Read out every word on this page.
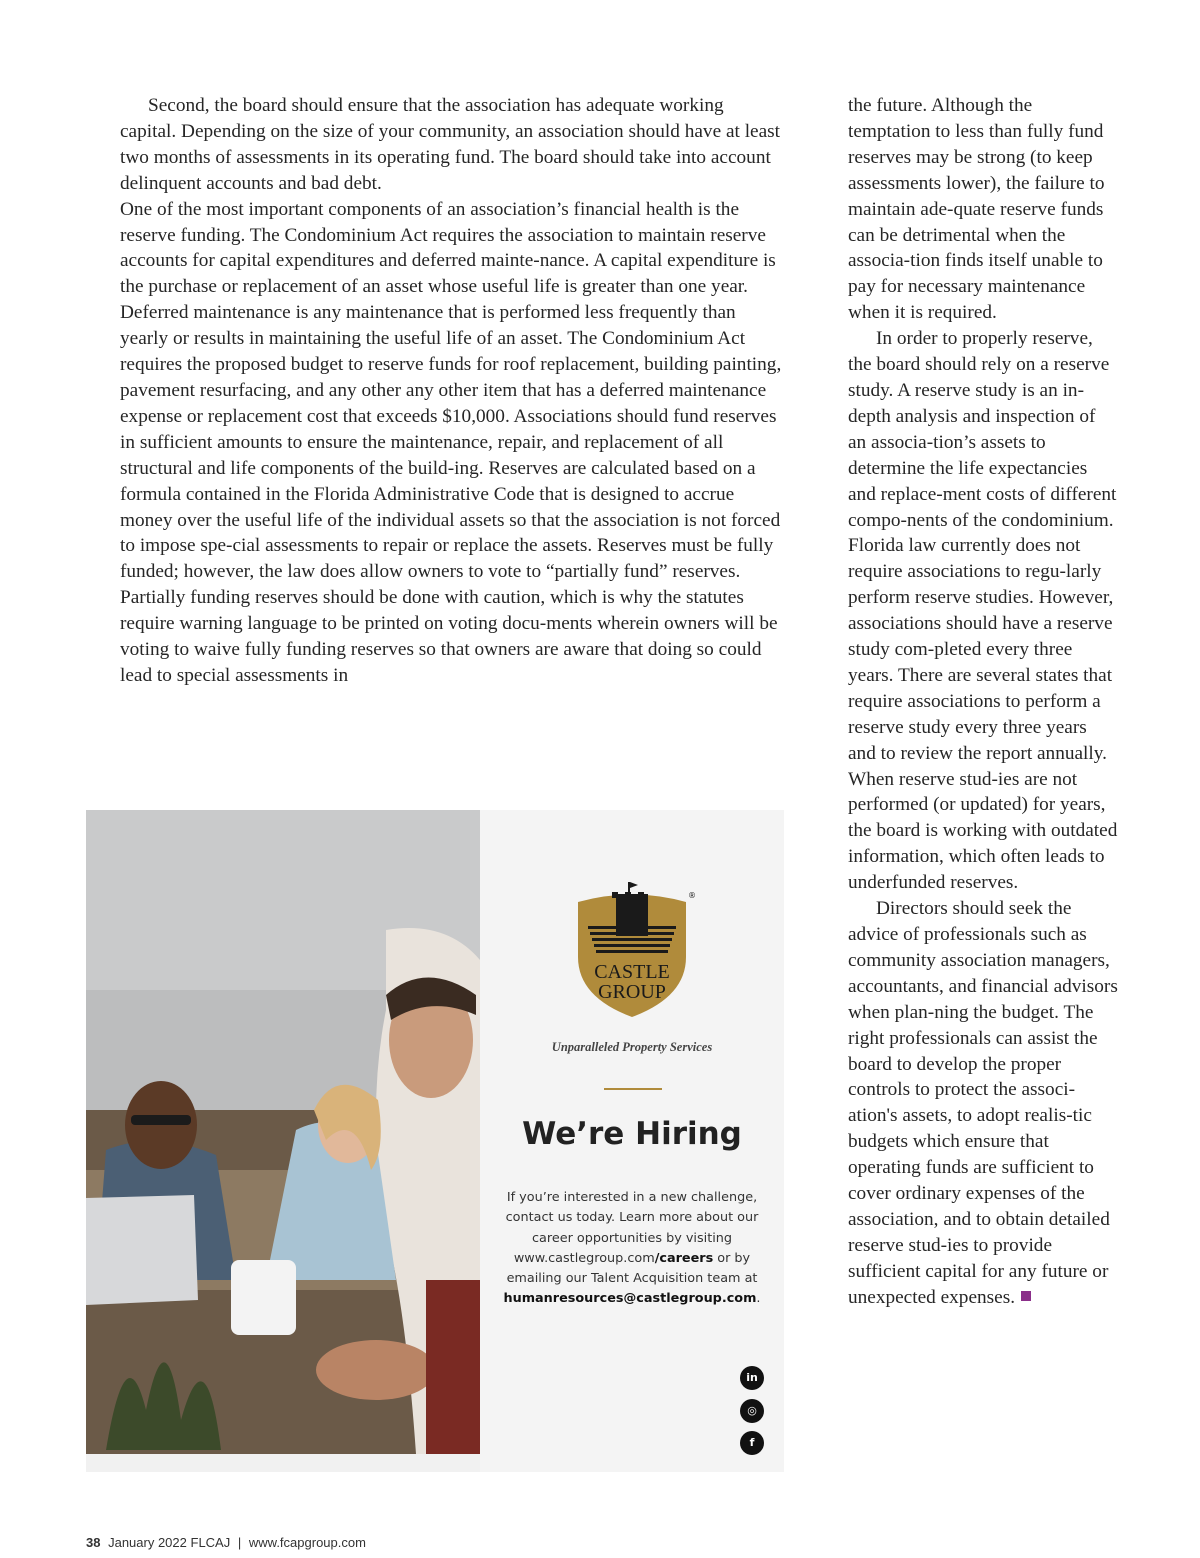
Second, the board should ensure that the association has adequate working capital. Depending on the size of your community, an association should have at least two months of assessments in its operating fund. The board should take into account delinquent accounts and bad debt.

One of the most important components of an association’s financial health is the reserve funding. The Condominium Act requires the association to maintain reserve accounts for capital expenditures and deferred mainte-nance. A capital expenditure is the purchase or replacement of an asset whose useful life is greater than one year. Deferred maintenance is any maintenance that is performed less frequently than yearly or results in maintaining the useful life of an asset. The Condominium Act requires the proposed budget to reserve funds for roof replacement, building painting, pavement resurfacing, and any other any other item that has a deferred maintenance expense or replacement cost that exceeds $10,000. Associations should fund reserves in sufficient amounts to ensure the maintenance, repair, and replacement of all structural and life components of the build-ing. Reserves are calculated based on a formula contained in the Florida Administrative Code that is designed to accrue money over the useful life of the individual assets so that the association is not forced to impose spe-cial assessments to repair or replace the assets. Reserves must be fully funded; however, the law does allow owners to vote to “partially fund” reserves. Partially funding reserves should be done with caution, which is why the statutes require warning language to be printed on voting docu-ments wherein owners will be voting to waive fully funding reserves so that owners are aware that doing so could lead to special assessments in

the future. Although the temptation to less than fully fund reserves may be strong (to keep assessments lower), the failure to maintain ade-quate reserve funds can be detrimental when the associa-tion finds itself unable to pay for necessary maintenance when it is required.

In order to properly reserve, the board should rely on a reserve study. A reserve study is an in-depth analysis and inspection of an associa-tion’s assets to determine the life expectancies and replace-ment costs of different compo-nents of the condominium. Florida law currently does not require associations to regu-larly perform reserve studies. However, associations should have a reserve study com-pleted every three years. There are several states that require associations to perform a reserve study every three years and to review the report annually. When reserve stud-ies are not performed (or updated) for years, the board is working with outdated information, which often leads to underfunded reserves.

Directors should seek the advice of professionals such as community association managers, accountants, and financial advisors when plan-ning the budget. The right professionals can assist the board to develop the proper controls to protect the associ-ation's assets, to adopt realis-tic budgets which ensure that operating funds are sufficient to cover ordinary expenses of the association, and to obtain detailed reserve stud-ies to provide sufficient capital for any future or unexpected expenses.

CASTLE
GROUP
®
Unparalleled Property Services
We’re Hiring
If you’re interested in a new challenge, contact us today. Learn more about our career opportunities by visiting www.castlegroup.com/careers or by emailing our Talent Acquisition team at humanresources@castlegroup.com.
in
◎
f
38 January 2022 FLCAJ | www.fcapgroup.com
